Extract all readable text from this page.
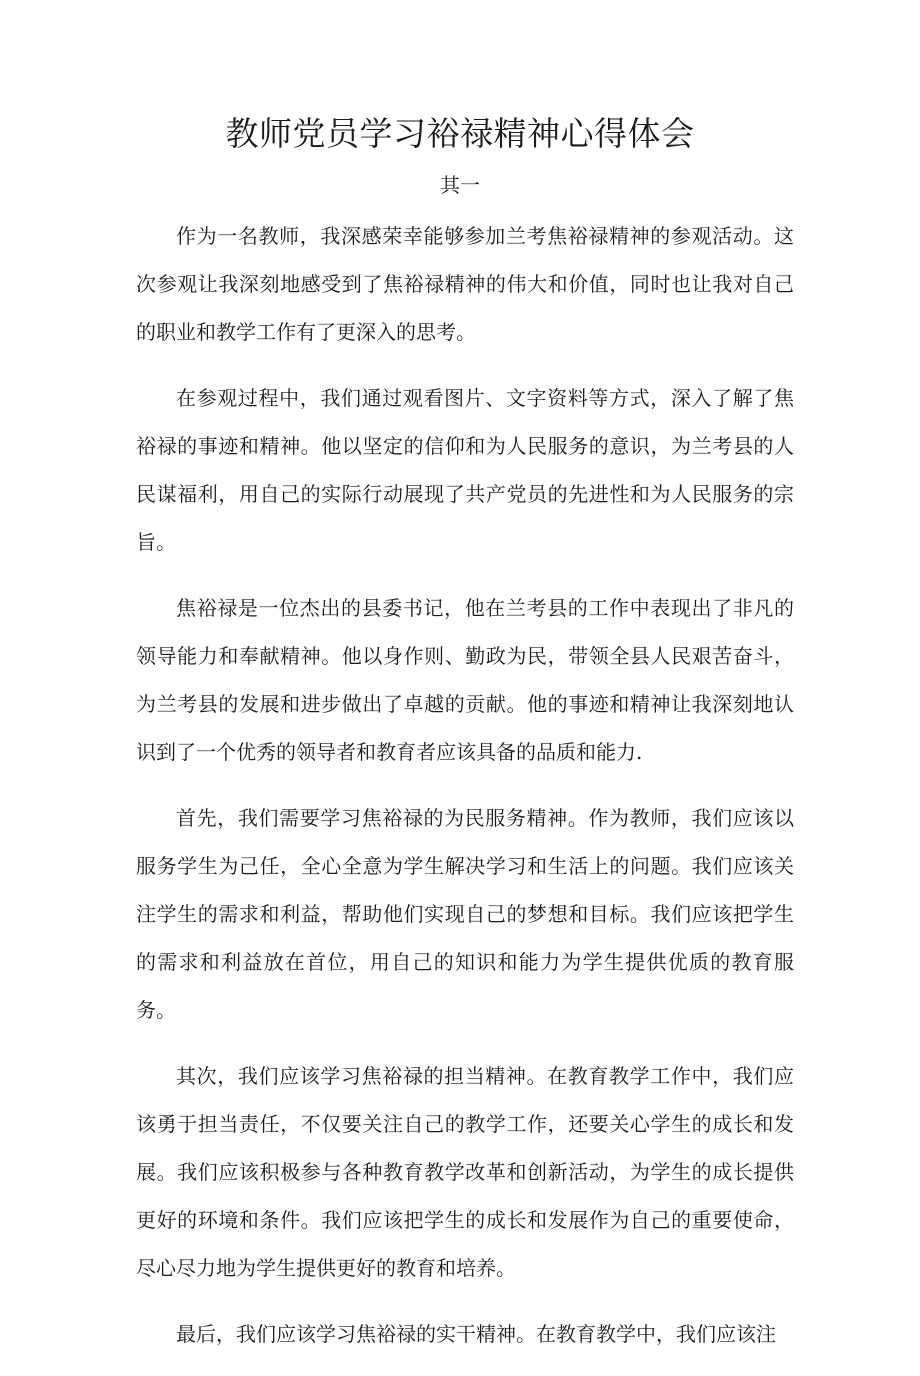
教师党员学习裕禄精神心得体会
其一

作为一名教师，我深感荣幸能够参加兰考焦裕禄精神的参观活动。这次参观让我深刻地感受到了焦裕禄精神的伟大和价值，同时也让我对自己的职业和教学工作有了更深入的思考。

在参观过程中，我们通过观看图片、文字资料等方式，深入了解了焦裕禄的事迹和精神。他以坚定的信仰和为人民服务的意识，为兰考县的人民谋福利，用自己的实际行动展现了共产党员的先进性和为人民服务的宗旨。

焦裕禄是一位杰出的县委书记，他在兰考县的工作中表现出了非凡的领导能力和奉献精神。他以身作则、勤政为民，带领全县人民艰苦奋斗，为兰考县的发展和进步做出了卓越的贡献。他的事迹和精神让我深刻地认识到了一个优秀的领导者和教育者应该具备的品质和能力.

首先，我们需要学习焦裕禄的为民服务精神。作为教师，我们应该以服务学生为己任，全心全意为学生解决学习和生活上的问题。我们应该关注学生的需求和利益，帮助他们实现自己的梦想和目标。我们应该把学生的需求和利益放在首位，用自己的知识和能力为学生提供优质的教育服务。

其次，我们应该学习焦裕禄的担当精神。在教育教学工作中，我们应该勇于担当责任，不仅要关注自己的教学工作，还要关心学生的成长和发展。我们应该积极参与各种教育教学改革和创新活动，为学生的成长提供更好的环境和条件。我们应该把学生的成长和发展作为自己的重要使命，尽心尽力地为学生提供更好的教育和培养。

最后，我们应该学习焦裕禄的实干精神。在教育教学中，我们应该注
